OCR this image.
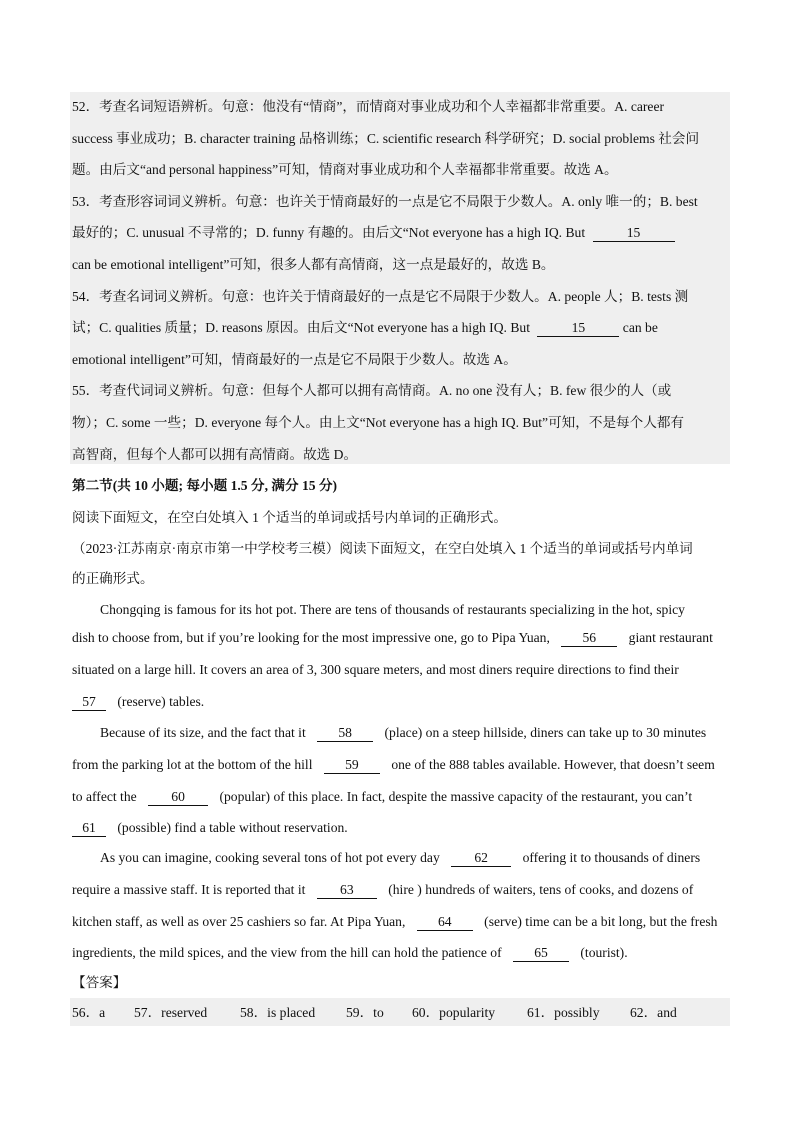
52．考查名词短语辨析。句意：他没有“情商”，而情商对事业成功和个人幸福都非常重要。A. career
success 事业成功；B. character training 品格训练；C. scientific research 科学研究；D. social problems 社会问
题。由后文“and personal happiness”可知，情商对事业成功和个人幸福都非常重要。故选 A。
53．考查形容词词义辨析。句意：也许关于情商最好的一点是它不局限于少数人。A. only 唯一的；B. best
最好的；C. unusual 不寻常的；D. funny 有趣的。由后文“Not everyone has a high IQ. But	15
can be emotional intelligent”可知，很多人都有高情商，这一点是最好的，故选 B。
54．考查名词词义辨析。句意：也许关于情商最好的一点是它不局限于少数人。A. people 人；B. tests 测
试；C. qualities 质量；D. reasons 原因。由后文“Not everyone has a high IQ. But	15	can be
emotional intelligent”可知，情商最好的一点是它不局限于少数人。故选 A。
55．考查代词词义辨析。句意：但每个人都可以拥有高情商。A. no one 没有人；B. few 很少的人（或
物）；C. some 一些；D. everyone 每个人。由上文“Not everyone has a high IQ. But”可知，不是每个人都有
高智商，但每个人都可以拥有高情商。故选 D。
第二节(共 10 小题; 每小题 1.5 分, 满分 15 分)
阅读下面短文，在空白处填入 1 个适当的单词或括号内单词的正确形式。
（2023·江苏南京·南京市第一中学校考三模）阅读下面短文，在空白处填入 1 个适当的单词或括号内单词
的正确形式。
Chongqing is famous for its hot pot. There are tens of thousands of restaurants specializing in the hot, spicy
dish to choose from, but if you’re looking for the most impressive one, go to Pipa Yuan, 56 giant restaurant
situated on a large hill. It covers an area of 3, 300 square meters, and most diners require directions to find their
57 (reserve) tables.
Because of its size, and the fact that it 58 (place) on a steep hillside, diners can take up to 30 minutes
from the parking lot at the bottom of the hill 59 one of the 888 tables available. However, that doesn’t seem
to affect the	60	(popular) of this place. In fact, despite the massive capacity of the restaurant, you can’t
61 (possible) find a table without reservation.
As you can imagine, cooking several tons of hot pot every day	62	offering it to thousands of diners
require a massive staff. It is reported that it	63	(hire ) hundreds of waiters, tens of cooks, and dozens of
kitchen staff, as well as over 25 cashiers so far. At Pipa Yuan, 64 (serve) time can be a bit long, but the fresh
ingredients, the mild spices, and the view from the hill can hold the patience of 65 (tourist).
【答案】
56．a 57．reserved 58．is placed 59．to 60．popularity 61．possibly 62．and
